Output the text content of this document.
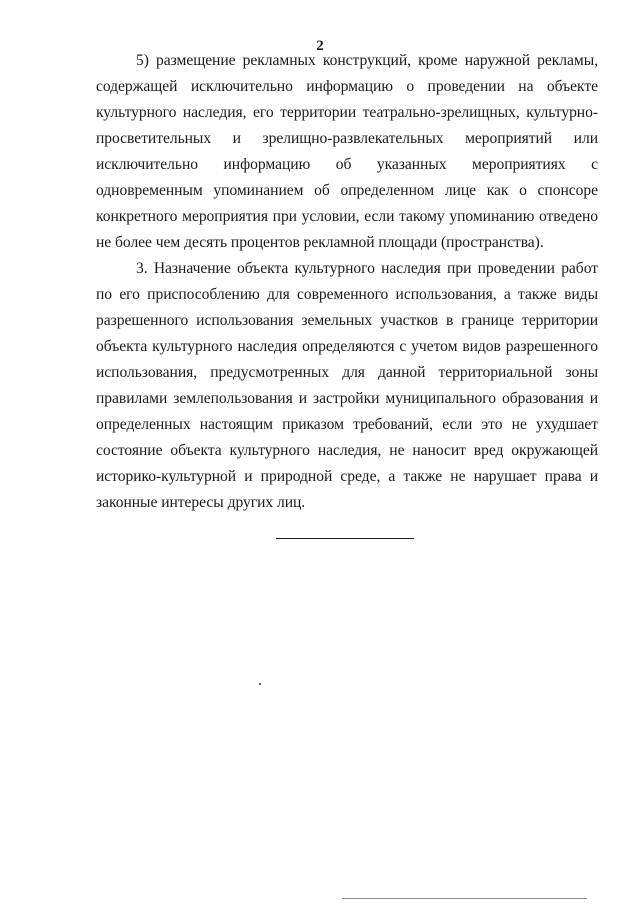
2

5) размещение рекламных конструкций, кроме наружной рекламы, содержащей исключительно информацию о проведении на объекте культурного наследия, его территории театрально-зрелищных, культурно-просветительных и зрелищно-развлекательных мероприятий или исключительно информацию об указанных мероприятиях с одновременным упоминанием об определенном лице как о спонсоре конкретного мероприятия при условии, если такому упоминанию отведено не более чем десять процентов рекламной площади (пространства).

3. Назначение объекта культурного наследия при проведении работ по его приспособлению для современного использования, а также виды разрешенного использования земельных участков в границе территории объекта культурного наследия определяются с учетом видов разрешенного использования, предусмотренных для данной территориальной зоны правилами землепользования и застройки муниципального образования и определенных настоящим приказом требований, если это не ухудшает состояние объекта культурного наследия, не наносит вред окружающей историко-культурной и природной среде, а также не нарушает права и законные интересы других лиц.
